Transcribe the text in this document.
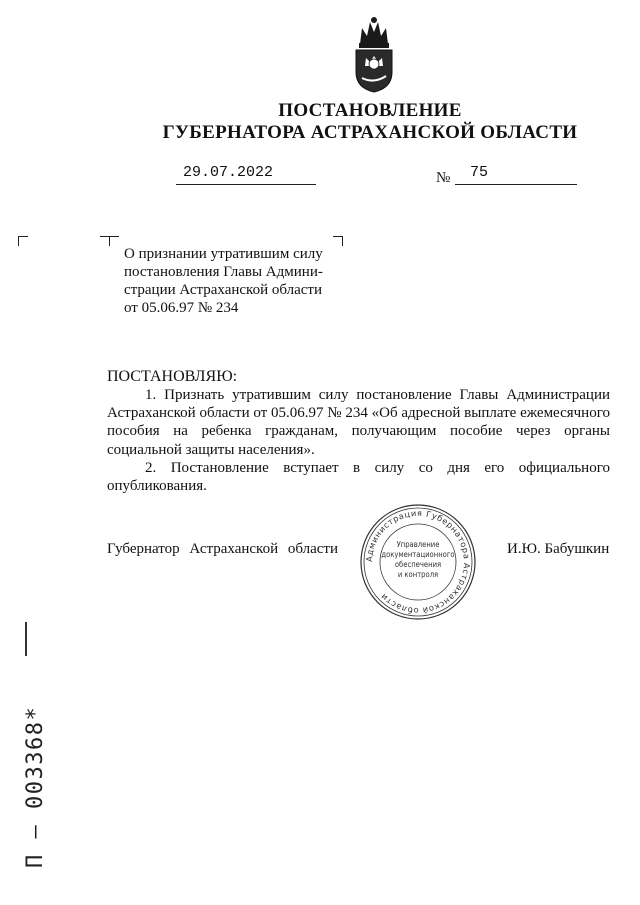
ПОСТАНОВЛЕНИЕ
ГУБЕРНАТОРА АСТРАХАНСКОЙ ОБЛАСТИ
29.07.2022	№ 75
О признании утратившим силу
постановления Главы Админи-
страции Астраханской области
от 05.06.97 № 234
ПОСТАНОВЛЯЮ:

1. Признать утратившим силу постановление Главы Администрации Астраханской области от 05.06.97 № 234 «Об адресной выплате ежемесячного пособия на ребенка гражданам, получающим пособие через органы социальной защиты населения».

2. Постановление вступает в силу со дня его официального опубликования.

Губернатор Астраханской области
Администрация Губернатора Астраханской области
Управление
документационного
обеспечения
и контроля
И.Ю. Бабушкин
П – 003368*
